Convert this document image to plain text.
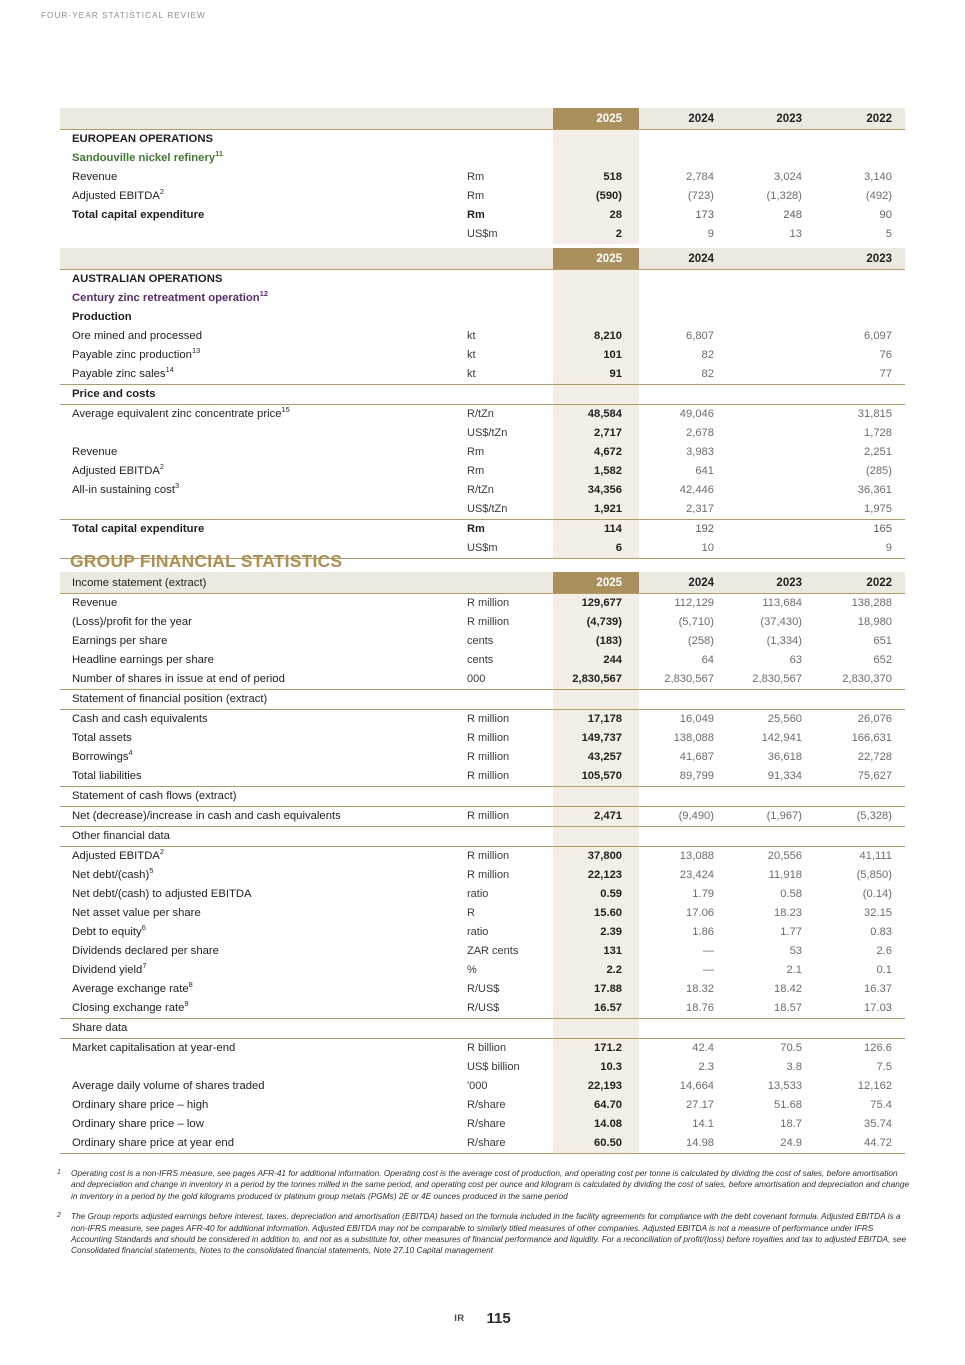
FOUR-YEAR STATISTICAL REVIEW
		2025	2024	2023	2022

EUROPEAN OPERATIONS					

Sandouville nickel refinery$^{11}$

Revenue	Rm	518	2,784	3,024	3,140

Adjusted EBITDA$^2$	Rm	(590)	(723)	(1,328)	(492)

Total capital expenditure	Rm	28	173	248	90

	US$m	2	9	13	5
		2025	2024	2023	

AUSTRALIAN OPERATIONS					

Century zinc retreatment operation$^{12}$

Production					

Ore mined and processed	kt	8,210	6,807	6,097	

Payable zinc production$^{13}$	kt	101	82	76	

Payable zinc sales$^{14}$	kt	91	82	77	

Price and costs					

Average equivalent zinc concentrate price$^{15}$	R/tZn	48,584	49,046	31,815	

	US$/tZn	2,717	2,678	1,728	

Revenue	Rm	4,672	3,983	2,251	

Adjusted EBITDA$^2$	Rm	1,582	641	(285)	

All-in sustaining cost$^3$	R/tZn	34,356	42,446	36,361	

	US$/tZn	1,921	2,317	1,975	

Total capital expenditure	Rm	114	192	165	

	US$m	6	10	9	

GROUP FINANCIAL STATISTICS
Income statement (extract)		2025	2024	2023	2022

Revenue	R million	129,677	112,129	113,684	138,288

(Loss)/profit for the year	R million	(4,739)	(5,710)	(37,430)	18,980

Earnings per share	cents	(183)	(258)	(1,334)	651

Headline earnings per share	cents	244	64	63	652

Number of shares in issue at end of period	000	2,830,567	2,830,567	2,830,567	2,830,370

Statement of financial position (extract)					

Cash and cash equivalents	R million	17,178	16,049	25,560	26,076

Total assets	R million	149,737	138,088	142,941	166,631

Borrowings$^4$	R million	43,257	41,687	36,618	22,728

Total liabilities	R million	105,570	89,799	91,334	75,627

Statement of cash flows (extract)					

Net (decrease)/increase in cash and cash equivalents	R million	2,471	(9,490)	(1,967)	(5,328)

Other financial data					

Adjusted EBITDA$^2$	R million	37,800	13,088	20,556	41,111

Net debt/(cash)$^5$	R million	22,123	23,424	11,918	(5,850)

Net debt/(cash) to adjusted EBITDA	ratio	0.59	1.79	0.58	(0.14)

Net asset value per share	R	15.60	17.06	18.23	32.15

Debt to equity$^6$	ratio	2.39	1.86	1.77	0.83

Dividends declared per share	ZAR cents	131	—	53	2.6

Dividend yield$^7$	%	2.2	—	2.1	0.1

Average exchange rate$^8$	R/US$	17.88	18.32	18.42	16.37

Closing exchange rate$^9$	R/US$	16.57	18.76	18.57	17.03

Share data					

Market capitalisation at year-end	R billion	171.2	42.4	70.5	126.6

	US$ billion	10.3	2.3	3.8	7.5

Average daily volume of shares traded	'000	22,193	14,664	13,533	12,162

Ordinary share price – high	R/share	64.70	27.17	51.68	75.4

Ordinary share price – low	R/share	14.08	14.1	18.7	35.74

Ordinary share price at year end	R/share	60.50	14.98	24.9	44.72
1	Operating cost is a non-IFRS measure, see pages AFR-41 for additional information. Operating cost is the average cost of production, and operating cost per tonne is calculated by dividing the cost of sales, before amortisation and depreciation and change in inventory in a period by the tonnes milled in the same period, and operating cost per ounce and kilogram is calculated by dividing the cost of sales, before amortisation and depreciation and change in inventory in a period by the gold kilograms produced or platinum group metals (PGMs) 2E or 4E ounces produced in the same period
2	The Group reports adjusted earnings before interest, taxes, depreciation and amortisation (EBITDA) based on the formula included in the facility agreements for compliance with the debt covenant formula. Adjusted EBITDA is a non-IFRS measure, see pages AFR-40 for additional information. Adjusted EBITDA may not be comparable to similarly titled measures of other companies. Adjusted EBITDA is not a measure of performance under IFRS Accounting Standards and should be considered in addition to, and not as a substitute for, other measures of financial performance and liquidity. For a reconciliation of profit/(loss) before royalties and tax to adjusted EBITDA, see Consolidated financial statements, Notes to the consolidated financial statements, Note 27.10 Capital management
IR 115
